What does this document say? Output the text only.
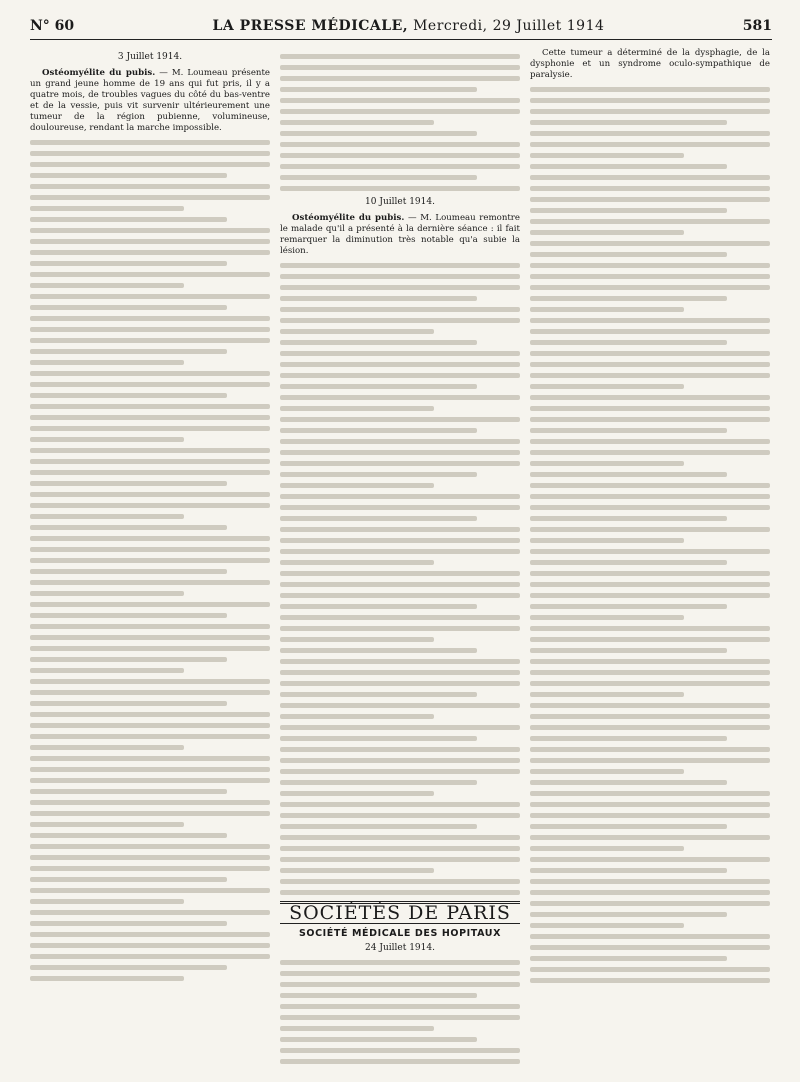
N° 60	LA PRESSE MÉDICALE, Mercredi, 29 Juillet 1914	581
3 Juillet 1914.

Ostéomyélite du pubis. — M. Loumeau présente un grand jeune homme de 19 ans qui fut pris, il y a quatre mois, de troubles vagues du côté du bas-ventre et de la vessie, puis vit survenir ultérieurement une tumeur de la région pubienne, volumineuse, douloureuse, rendant la marche impossible.

10 Juillet 1914.

Ostéomyélite du pubis. — M. Loumeau remontre le malade qu'il a présenté à la dernière séance : il fait remarquer la diminution très notable qu'a subie la lésion.

SOCIÉTÉS DE PARIS
SOCIÉTÉ MÉDICALE DES HOPITAUX
24 Juillet 1914.

Cette tumeur a déterminé de la dysphagie, de la dysphonie et un syndrome oculo-sympathique de paralysie.
